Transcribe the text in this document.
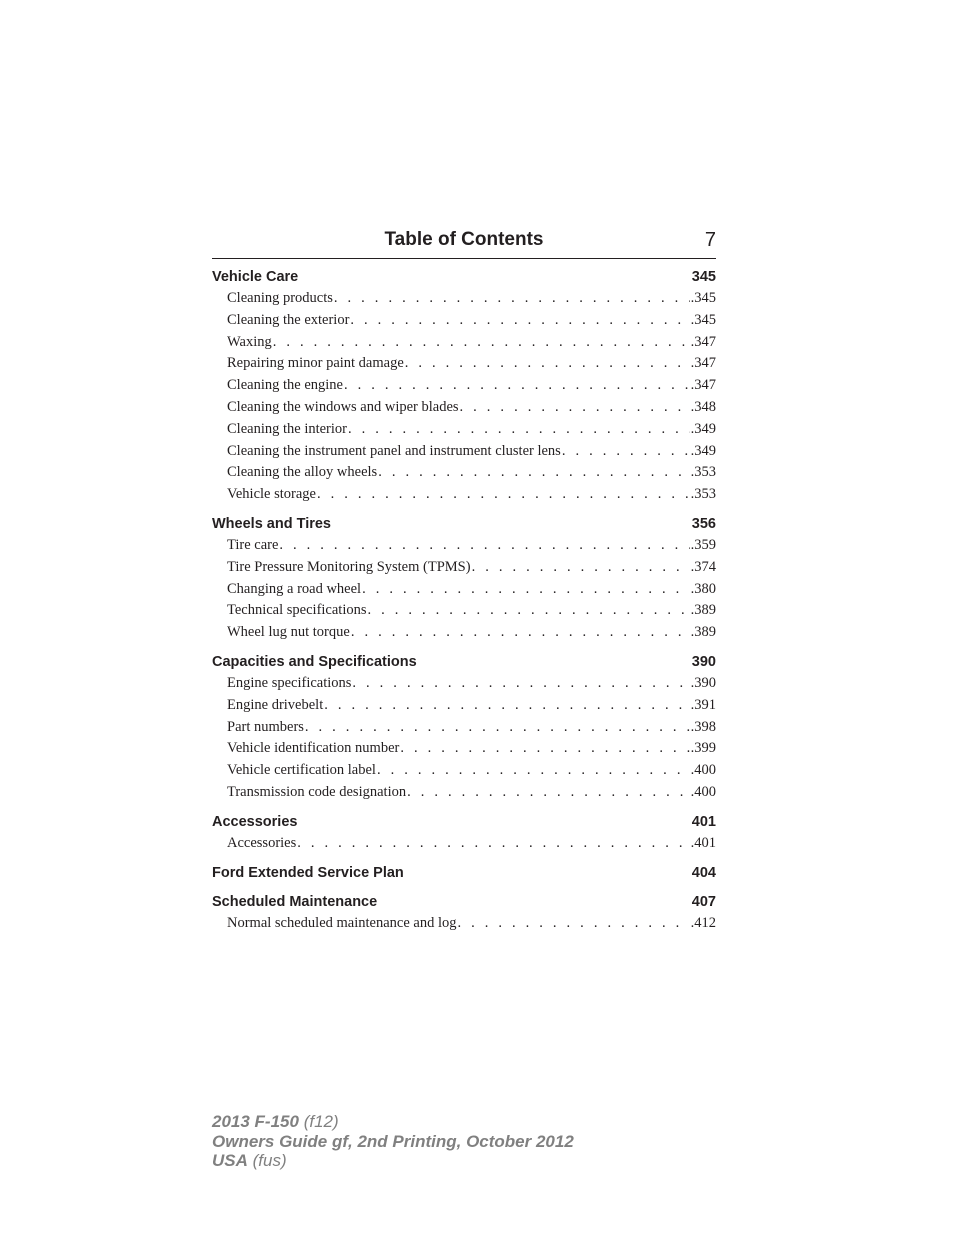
Table of Contents	7
Vehicle Care	345
Cleaning products . . .	.345
Cleaning the exterior . . .	.345
Waxing . . .	.347
Repairing minor paint damage . . .	.347
Cleaning the engine . . .	.347
Cleaning the windows and wiper blades . . .	.348
Cleaning the interior . . .	.349
Cleaning the instrument panel and instrument cluster lens . . .	.349
Cleaning the alloy wheels . . .	.353
Vehicle storage . . .	.353
Wheels and Tires	356
Tire care . . .	.359
Tire Pressure Monitoring System (TPMS) . . .	.374
Changing a road wheel . . .	.380
Technical specifications . . .	.389
Wheel lug nut torque . . .	.389
Capacities and Specifications	390
Engine specifications . . .	.390
Engine drivebelt . . .	.391
Part numbers . . .	.398
Vehicle identification number . . .	.399
Vehicle certification label . . .	.400
Transmission code designation . . .	.400
Accessories	401
Accessories . . .	.401
Ford Extended Service Plan	404
Scheduled Maintenance	407
Normal scheduled maintenance and log . . .	.412
2013 F-150 (f12)
Owners Guide gf, 2nd Printing, October 2012
USA (fus)
